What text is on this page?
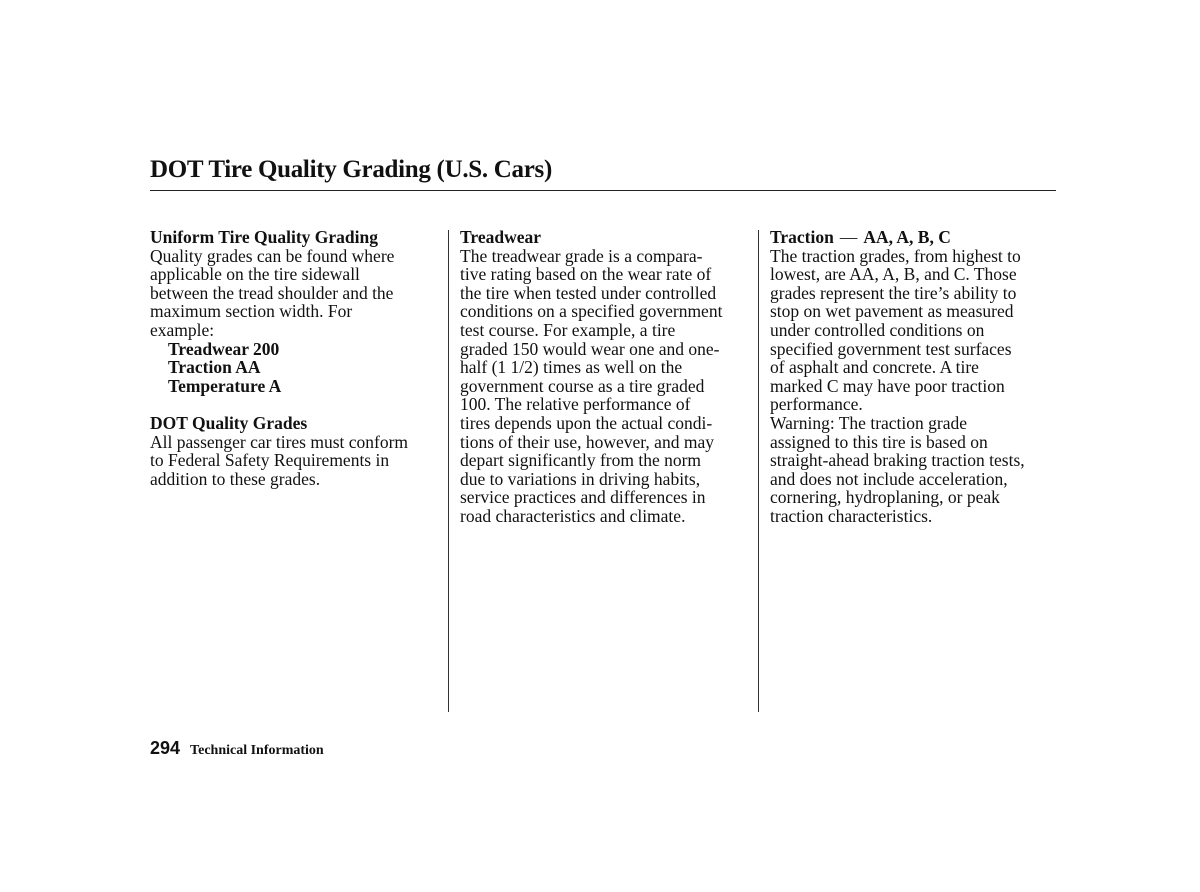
DOT Tire Quality Grading (U.S. Cars)

Uniform Tire Quality Grading

Quality grades can be found where

applicable on the tire sidewall

between the tread shoulder and the

maximum section width. For

example:

Treadwear 200

Traction AA

Temperature A

DOT Quality Grades

All passenger car tires must conform

to Federal Safety Requirements in

addition to these grades.

Treadwear

The treadwear grade is a compara-

tive rating based on the wear rate of

the tire when tested under controlled

conditions on a specified government

test course. For example, a tire

graded 150 would wear one and one-

half (1 1/2) times as well on the

government course as a tire graded

100. The relative performance of

tires depends upon the actual condi-

tions of their use, however, and may

depart significantly from the norm

due to variations in driving habits,

service practices and differences in

road characteristics and climate.

Traction — AA, A, B, C

The traction grades, from highest to

lowest, are AA, A, B, and C. Those

grades represent the tire’s ability to

stop on wet pavement as measured

under controlled conditions on

specified government test surfaces

of asphalt and concrete. A tire

marked C may have poor traction

performance.

Warning: The traction grade

assigned to this tire is based on

straight-ahead braking traction tests,

and does not include acceleration,

cornering, hydroplaning, or peak

traction characteristics.

294 Technical Information
